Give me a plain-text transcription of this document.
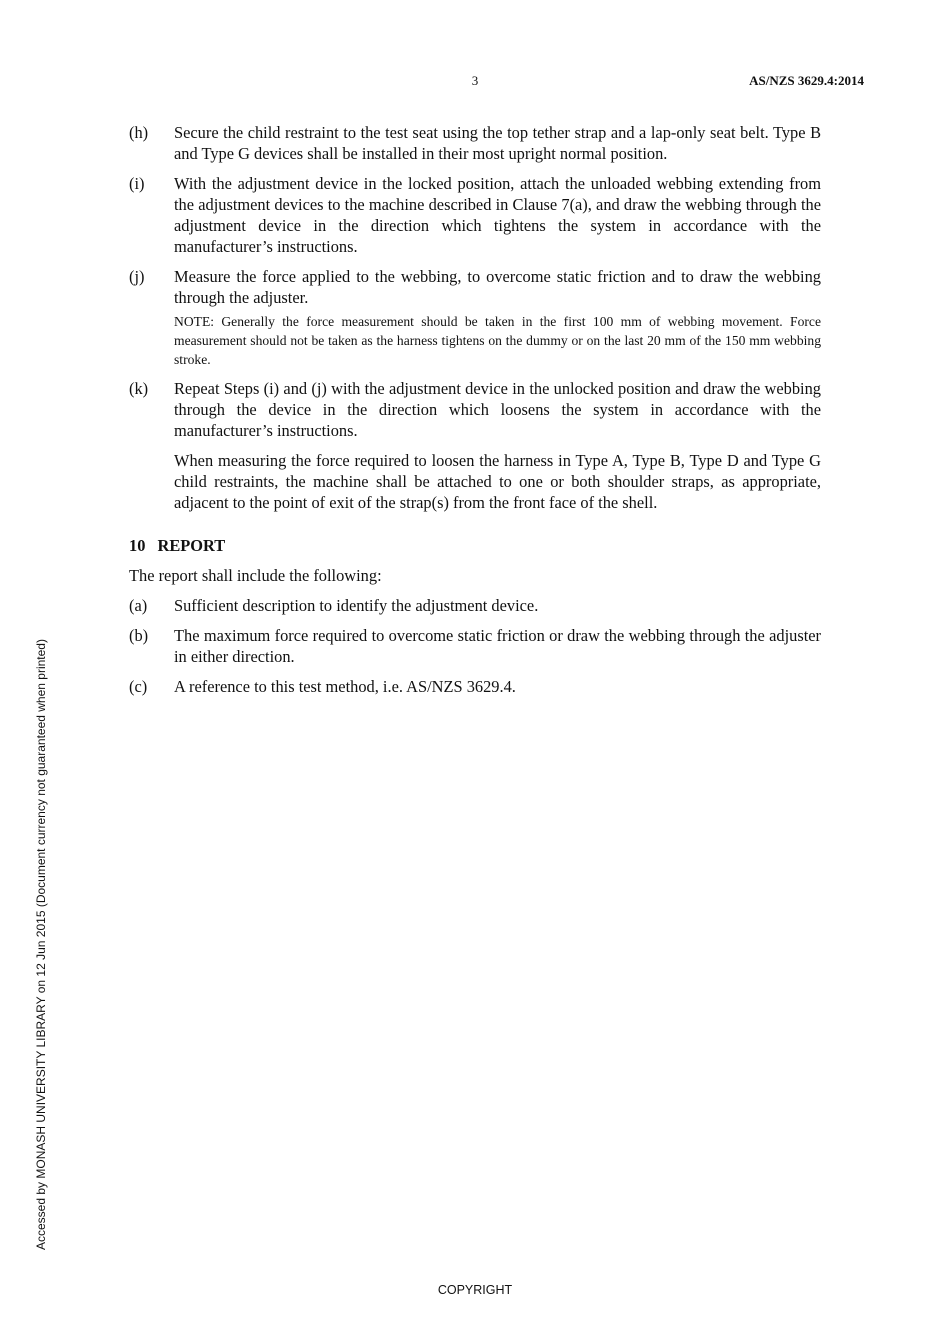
3	AS/NZS 3629.4:2014
(h)	Secure the child restraint to the test seat using the top tether strap and a lap-only seat belt. Type B and Type G devices shall be installed in their most upright normal position.

(i)	With the adjustment device in the locked position, attach the unloaded webbing extending from the adjustment devices to the machine described in Clause 7(a), and draw the webbing through the adjustment device in the direction which tightens the system in accordance with the manufacturer’s instructions.

(j)	Measure the force applied to the webbing, to overcome static friction and to draw the webbing through the adjuster.

NOTE: Generally the force measurement should be taken in the first 100 mm of webbing movement. Force measurement should not be taken as the harness tightens on the dummy or on the last 20 mm of the 150 mm webbing stroke.

(k)	Repeat Steps (i) and (j) with the adjustment device in the unlocked position and draw the webbing through the device in the direction which loosens the system in accordance with the manufacturer’s instructions.

When measuring the force required to loosen the harness in Type A, Type B, Type D and Type G child restraints, the machine shall be attached to one or both shoulder straps, as appropriate, adjacent to the point of exit of the strap(s) from the front face of the shell.

10 REPORT
The report shall include the following:
(a)	Sufficient description to identify the adjustment device.
(b)	The maximum force required to overcome static friction or draw the webbing through the adjuster in either direction.
(c)	A reference to this test method, i.e. AS/NZS 3629.4.
Accessed by MONASH UNIVERSITY LIBRARY on 12 Jun 2015 (Document currency not guaranteed when printed)
COPYRIGHT
